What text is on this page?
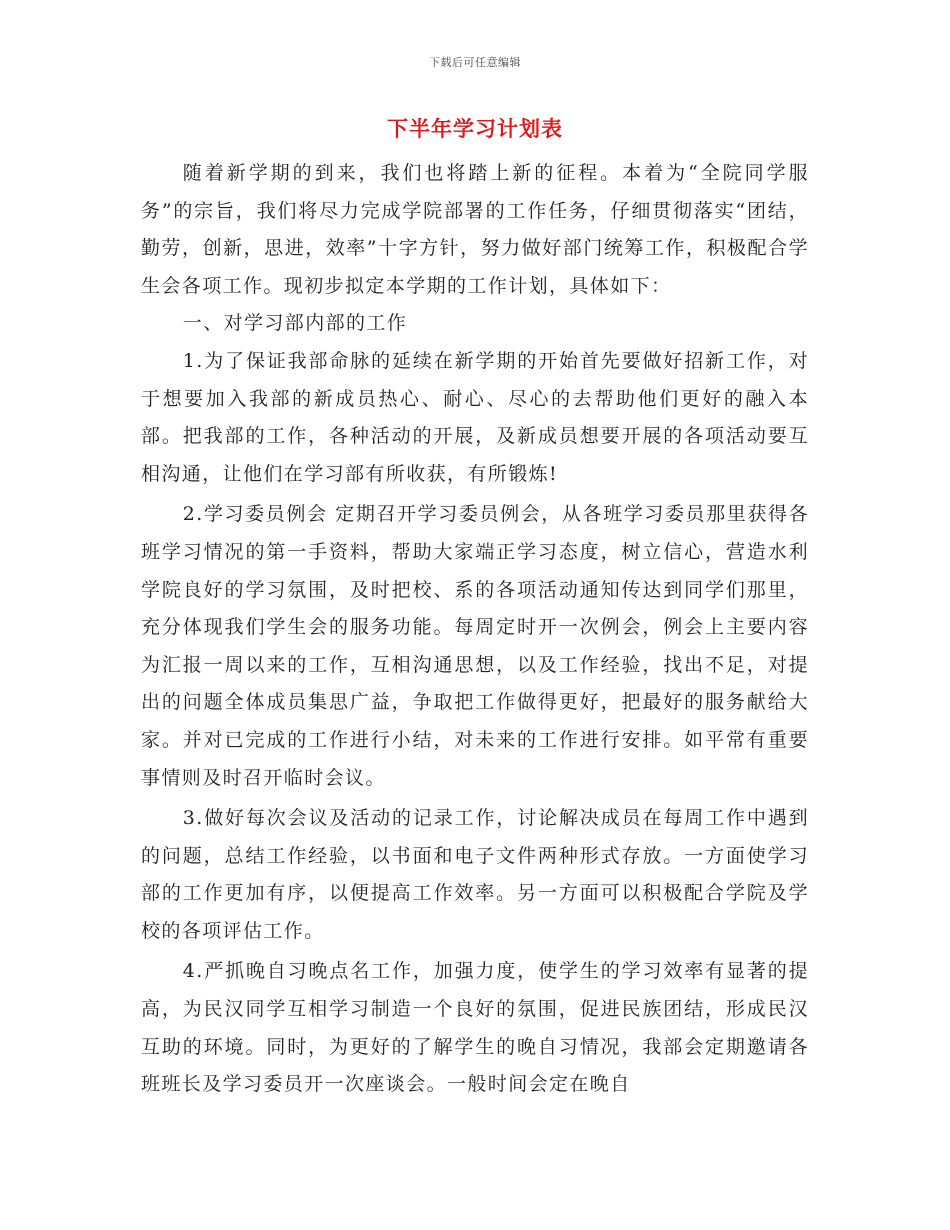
下载后可任意编辑
下半年学习计划表

随着新学期的到来，我们也将踏上新的征程。本着为“全院同学服务”的宗旨，我们将尽力完成学院部署的工作任务，仔细贯彻落实“团结，勤劳，创新，思进，效率”十字方针，努力做好部门统筹工作，积极配合学生会各项工作。现初步拟定本学期的工作计划，具体如下：

一、对学习部内部的工作

1.为了保证我部命脉的延续在新学期的开始首先要做好招新工作，对于想要加入我部的新成员热心、耐心、尽心的去帮助他们更好的融入本部。把我部的工作，各种活动的开展，及新成员想要开展的各项活动要互相沟通，让他们在学习部有所收获，有所锻炼!

2.学习委员例会 定期召开学习委员例会，从各班学习委员那里获得各班学习情况的第一手资料，帮助大家端正学习态度，树立信心，营造水利学院良好的学习氛围，及时把校、系的各项活动通知传达到同学们那里，充分体现我们学生会的服务功能。每周定时开一次例会，例会上主要内容为汇报一周以来的工作，互相沟通思想，以及工作经验，找出不足，对提出的问题全体成员集思广益，争取把工作做得更好，把最好的服务献给大家。并对已完成的工作进行小结，对未来的工作进行安排。如平常有重要事情则及时召开临时会议。

3.做好每次会议及活动的记录工作，讨论解决成员在每周工作中遇到的问题，总结工作经验，以书面和电子文件两种形式存放。一方面使学习部的工作更加有序，以便提高工作效率。另一方面可以积极配合学院及学校的各项评估工作。

4.严抓晚自习晚点名工作，加强力度，使学生的学习效率有显著的提高，为民汉同学互相学习制造一个良好的氛围，促进民族团结，形成民汉互助的环境。同时，为更好的了解学生的晚自习情况，我部会定期邀请各班班长及学习委员开一次座谈会。一般时间会定在晚自
